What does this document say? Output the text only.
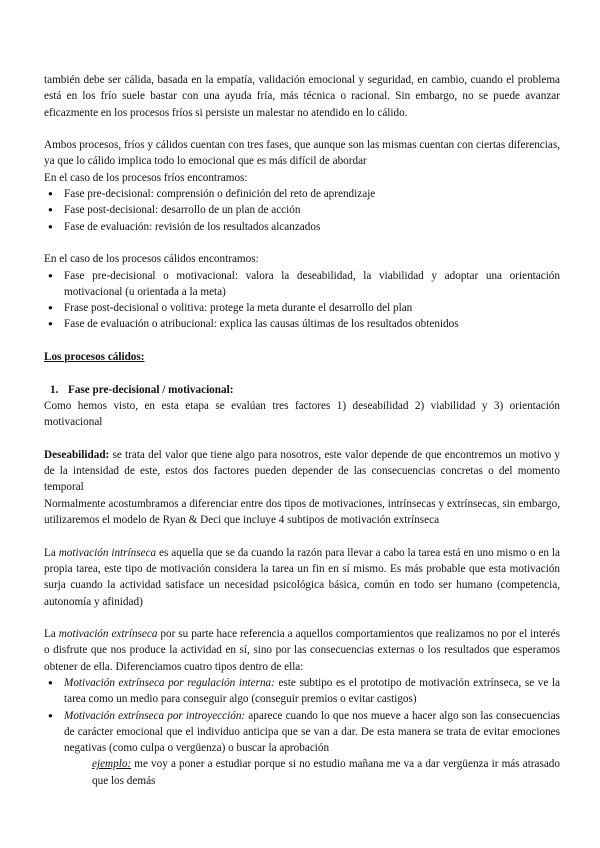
también debe ser cálida, basada en la empatía, validación emocional y seguridad, en cambio, cuando el problema está en los frío suele bastar con una ayuda fría, más técnica o racional. Sin embargo, no se puede avanzar eficazmente en los procesos fríos si persiste un malestar no atendido en lo cálido.

Ambos procesos, fríos y cálidos cuentan con tres fases, que aunque son las mismas cuentan con ciertas diferencias, ya que lo cálido implica todo lo emocional que es más difícil de abordar

En el caso de los procesos fríos encontramos:

● Fase pre-decisional: comprensión o definición del reto de aprendizaje
● Fase post-decisional: desarrollo de un plan de acción
● Fase de evaluación: revisión de los resultados alcanzados

En el caso de los procesos cálidos encontramos:

● Fase pre-decisional o motivacional: valora la deseabilidad, la viabilidad y adoptar una orientación motivacional (u orientada a la meta)
● Frase post-decisional o volitiva: protege la meta durante el desarrollo del plan
● Fase de evaluación o atribucional: explica las causas últimas de los resultados obtenidos

Los procesos cálidos:

1. Fase pre-decisional / motivacional:

Como hemos visto, en esta etapa se evalúan tres factores 1) deseabilidad 2) viabilidad y 3) orientación motivacional

Deseabilidad: se trata del valor que tiene algo para nosotros, este valor depende de que encontremos un motivo y de la intensidad de este, estos dos factores pueden depender de las consecuencias concretas o del momento temporal

Normalmente acostumbramos a diferenciar entre dos tipos de motivaciones, intrínsecas y extrínsecas, sin embargo, utilizaremos el modelo de Ryan & Deci que incluye 4 subtipos de motivación extrínseca

La motivación intrínseca es aquella que se da cuando la razón para llevar a cabo la tarea está en uno mismo o en la propia tarea, este tipo de motivación considera la tarea un fin en sí mismo. Es más probable que esta motivación surja cuando la actividad satisface un necesidad psicológica básica, común en todo ser humano (competencia, autonomía y afinidad)

La motivación extrínseca por su parte hace referencia a aquellos comportamientos que realizamos no por el interés o disfrute que nos produce la actividad en sí, sino por las consecuencias externas o los resultados que esperamos obtener de ella. Diferenciamos cuatro tipos dentro de ella:

● Motivación extrínseca por regulación interna: este subtipo es el prototipo de motivación extrínseca, se ve la tarea como un medio para conseguir algo (conseguir premios o evitar castigos)
● Motivación extrínseca por introyección: aparece cuando lo que nos mueve a hacer algo son las consecuencias de carácter emocional que el individuo anticipa que se van a dar. De esta manera se trata de evitar emociones negativas (como culpa o vergüenza) o buscar la aprobación
ejemplo: me voy a poner a estudiar porque si no estudio mañana me va a dar vergüenza ir más atrasado que los demás
